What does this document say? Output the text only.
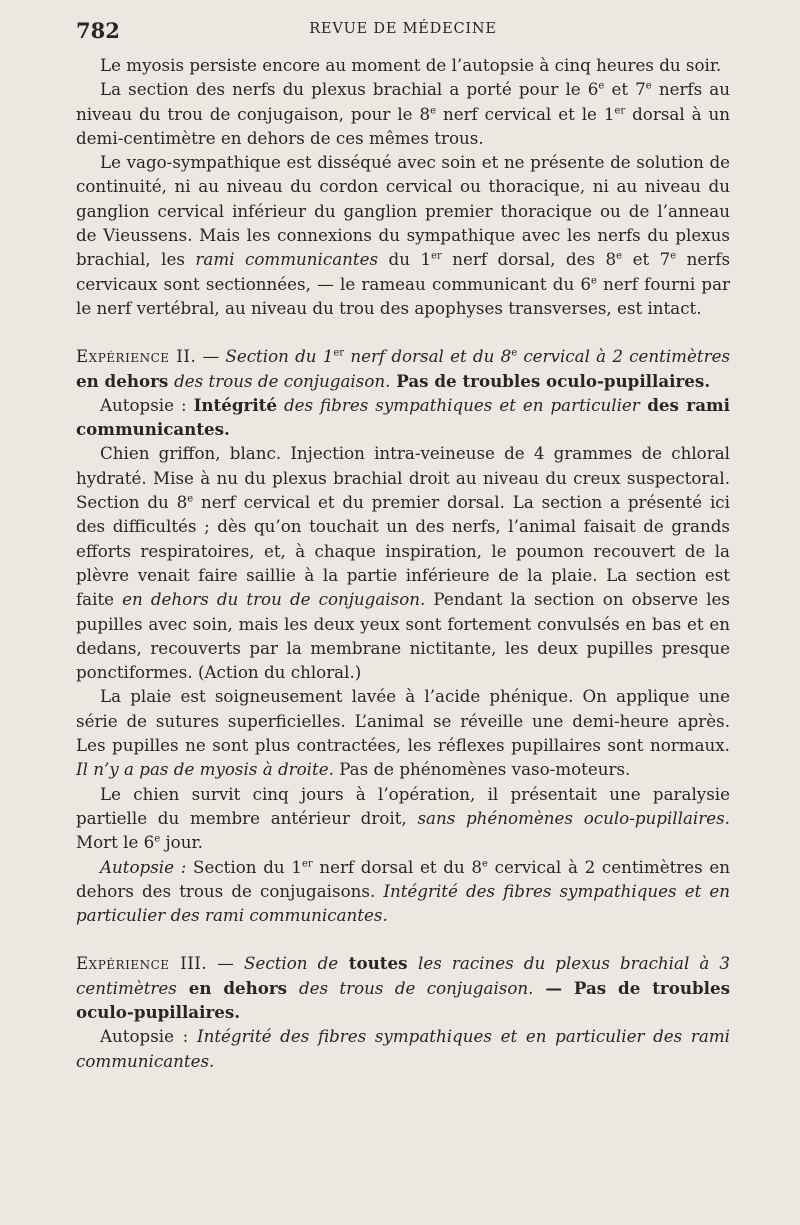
782	REVUE DE MÉDECINE

Le myosis persiste encore au moment de l’autopsie à cinq heures du soir.

La section des nerfs du plexus brachial a porté pour le 6e et 7e nerfs au niveau du trou de conjugaison, pour le 8e nerf cervical et le 1er dorsal à un demi-centimètre en dehors de ces mêmes trous.

Le vago-sympathique est disséqué avec soin et ne présente de solution de continuité, ni au niveau du cordon cervical ou thoracique, ni au niveau du ganglion cervical inférieur du ganglion premier thoracique ou de l’anneau de Vieussens. Mais les connexions du sympathique avec les nerfs du plexus brachial, les rami communicantes du 1er nerf dorsal, des 8e et 7e nerfs cervicaux sont sectionnées, — le rameau communicant du 6e nerf fourni par le nerf vertébral, au niveau du trou des apophyses transverses, est intact.

Expérience II. — Section du 1er nerf dorsal et du 8e cervical à 2 centimètres en dehors des trous de conjugaison. Pas de troubles oculo-pupillaires.

Autopsie : Intégrité des fibres sympathiques et en particulier des rami communicantes.

Chien griffon, blanc. Injection intra-veineuse de 4 grammes de chloral hydraté. Mise à nu du plexus brachial droit au niveau du creux suspectoral. Section du 8e nerf cervical et du premier dorsal. La section a présenté ici des difficultés ; dès qu’on touchait un des nerfs, l’animal faisait de grands efforts respiratoires, et, à chaque inspiration, le poumon recouvert de la plèvre venait faire saillie à la partie inférieure de la plaie. La section est faite en dehors du trou de conjugaison. Pendant la section on observe les pupilles avec soin, mais les deux yeux sont fortement convulsés en bas et en dedans, recouverts par la membrane nictitante, les deux pupilles presque ponctiformes. (Action du chloral.)

La plaie est soigneusement lavée à l’acide phénique. On applique une série de sutures superficielles. L’animal se réveille une demi-heure après. Les pupilles ne sont plus contractées, les réflexes pupillaires sont normaux. Il n’y a pas de myosis à droite. Pas de phénomènes vaso-moteurs.

Le chien survit cinq jours à l’opération, il présentait une paralysie partielle du membre antérieur droit, sans phénomènes oculo-pupillaires. Mort le 6e jour.

Autopsie : Section du 1er nerf dorsal et du 8e cervical à 2 centimètres en dehors des trous de conjugaisons. Intégrité des fibres sympathiques et en particulier des rami communicantes.

Expérience III. — Section de toutes les racines du plexus brachial à 3 centimètres en dehors des trous de conjugaison. — Pas de troubles oculo-pupillaires.

Autopsie : Intégrité des fibres sympathiques et en particulier des rami communicantes.
